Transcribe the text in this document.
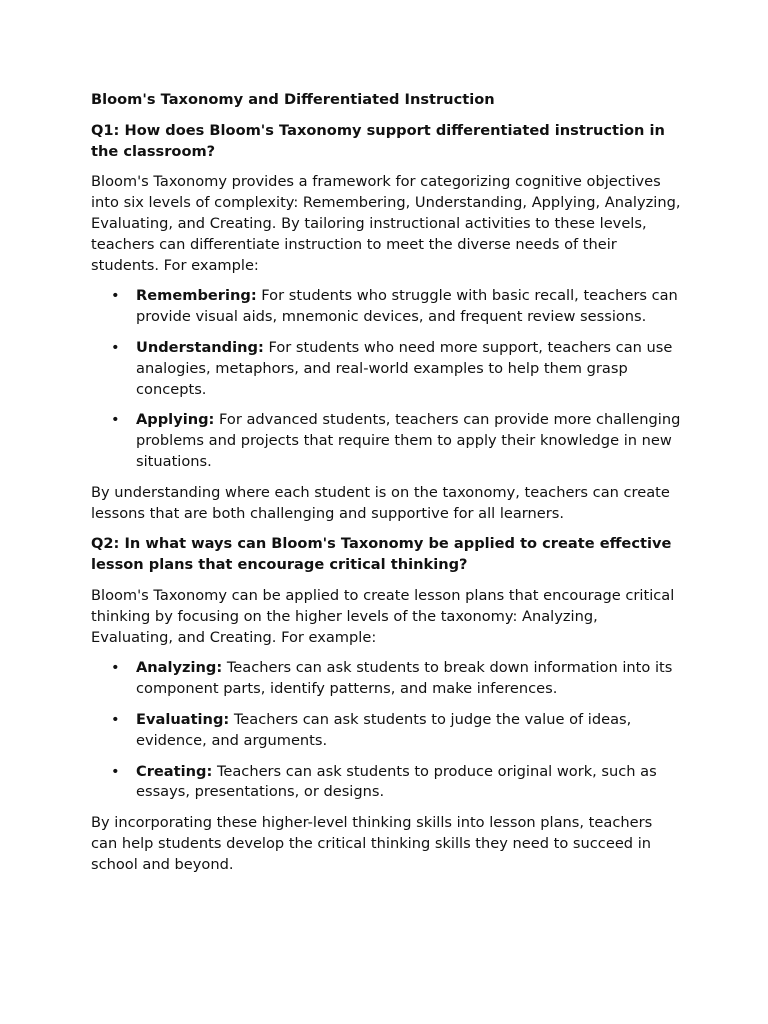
Bloom's Taxonomy and Differentiated Instruction
Q1: How does Bloom's Taxonomy support differentiated instruction in the classroom?

Bloom's Taxonomy provides a framework for categorizing cognitive objectives into six levels of complexity: Remembering, Understanding, Applying, Analyzing, Evaluating, and Creating. By tailoring instructional activities to these levels, teachers can differentiate instruction to meet the diverse needs of their students. For example:

• Remembering: For students who struggle with basic recall, teachers can provide visual aids, mnemonic devices, and frequent review sessions.
• Understanding: For students who need more support, teachers can use analogies, metaphors, and real-world examples to help them grasp concepts.
• Applying: For advanced students, teachers can provide more challenging problems and projects that require them to apply their knowledge in new situations.

By understanding where each student is on the taxonomy, teachers can create lessons that are both challenging and supportive for all learners.

Q2: In what ways can Bloom's Taxonomy be applied to create effective lesson plans that encourage critical thinking?

Bloom's Taxonomy can be applied to create lesson plans that encourage critical thinking by focusing on the higher levels of the taxonomy: Analyzing, Evaluating, and Creating. For example:

• Analyzing: Teachers can ask students to break down information into its component parts, identify patterns, and make inferences.
• Evaluating: Teachers can ask students to judge the value of ideas, evidence, and arguments.
• Creating: Teachers can ask students to produce original work, such as essays, presentations, or designs.

By incorporating these higher-level thinking skills into lesson plans, teachers can help students develop the critical thinking skills they need to succeed in school and beyond.
